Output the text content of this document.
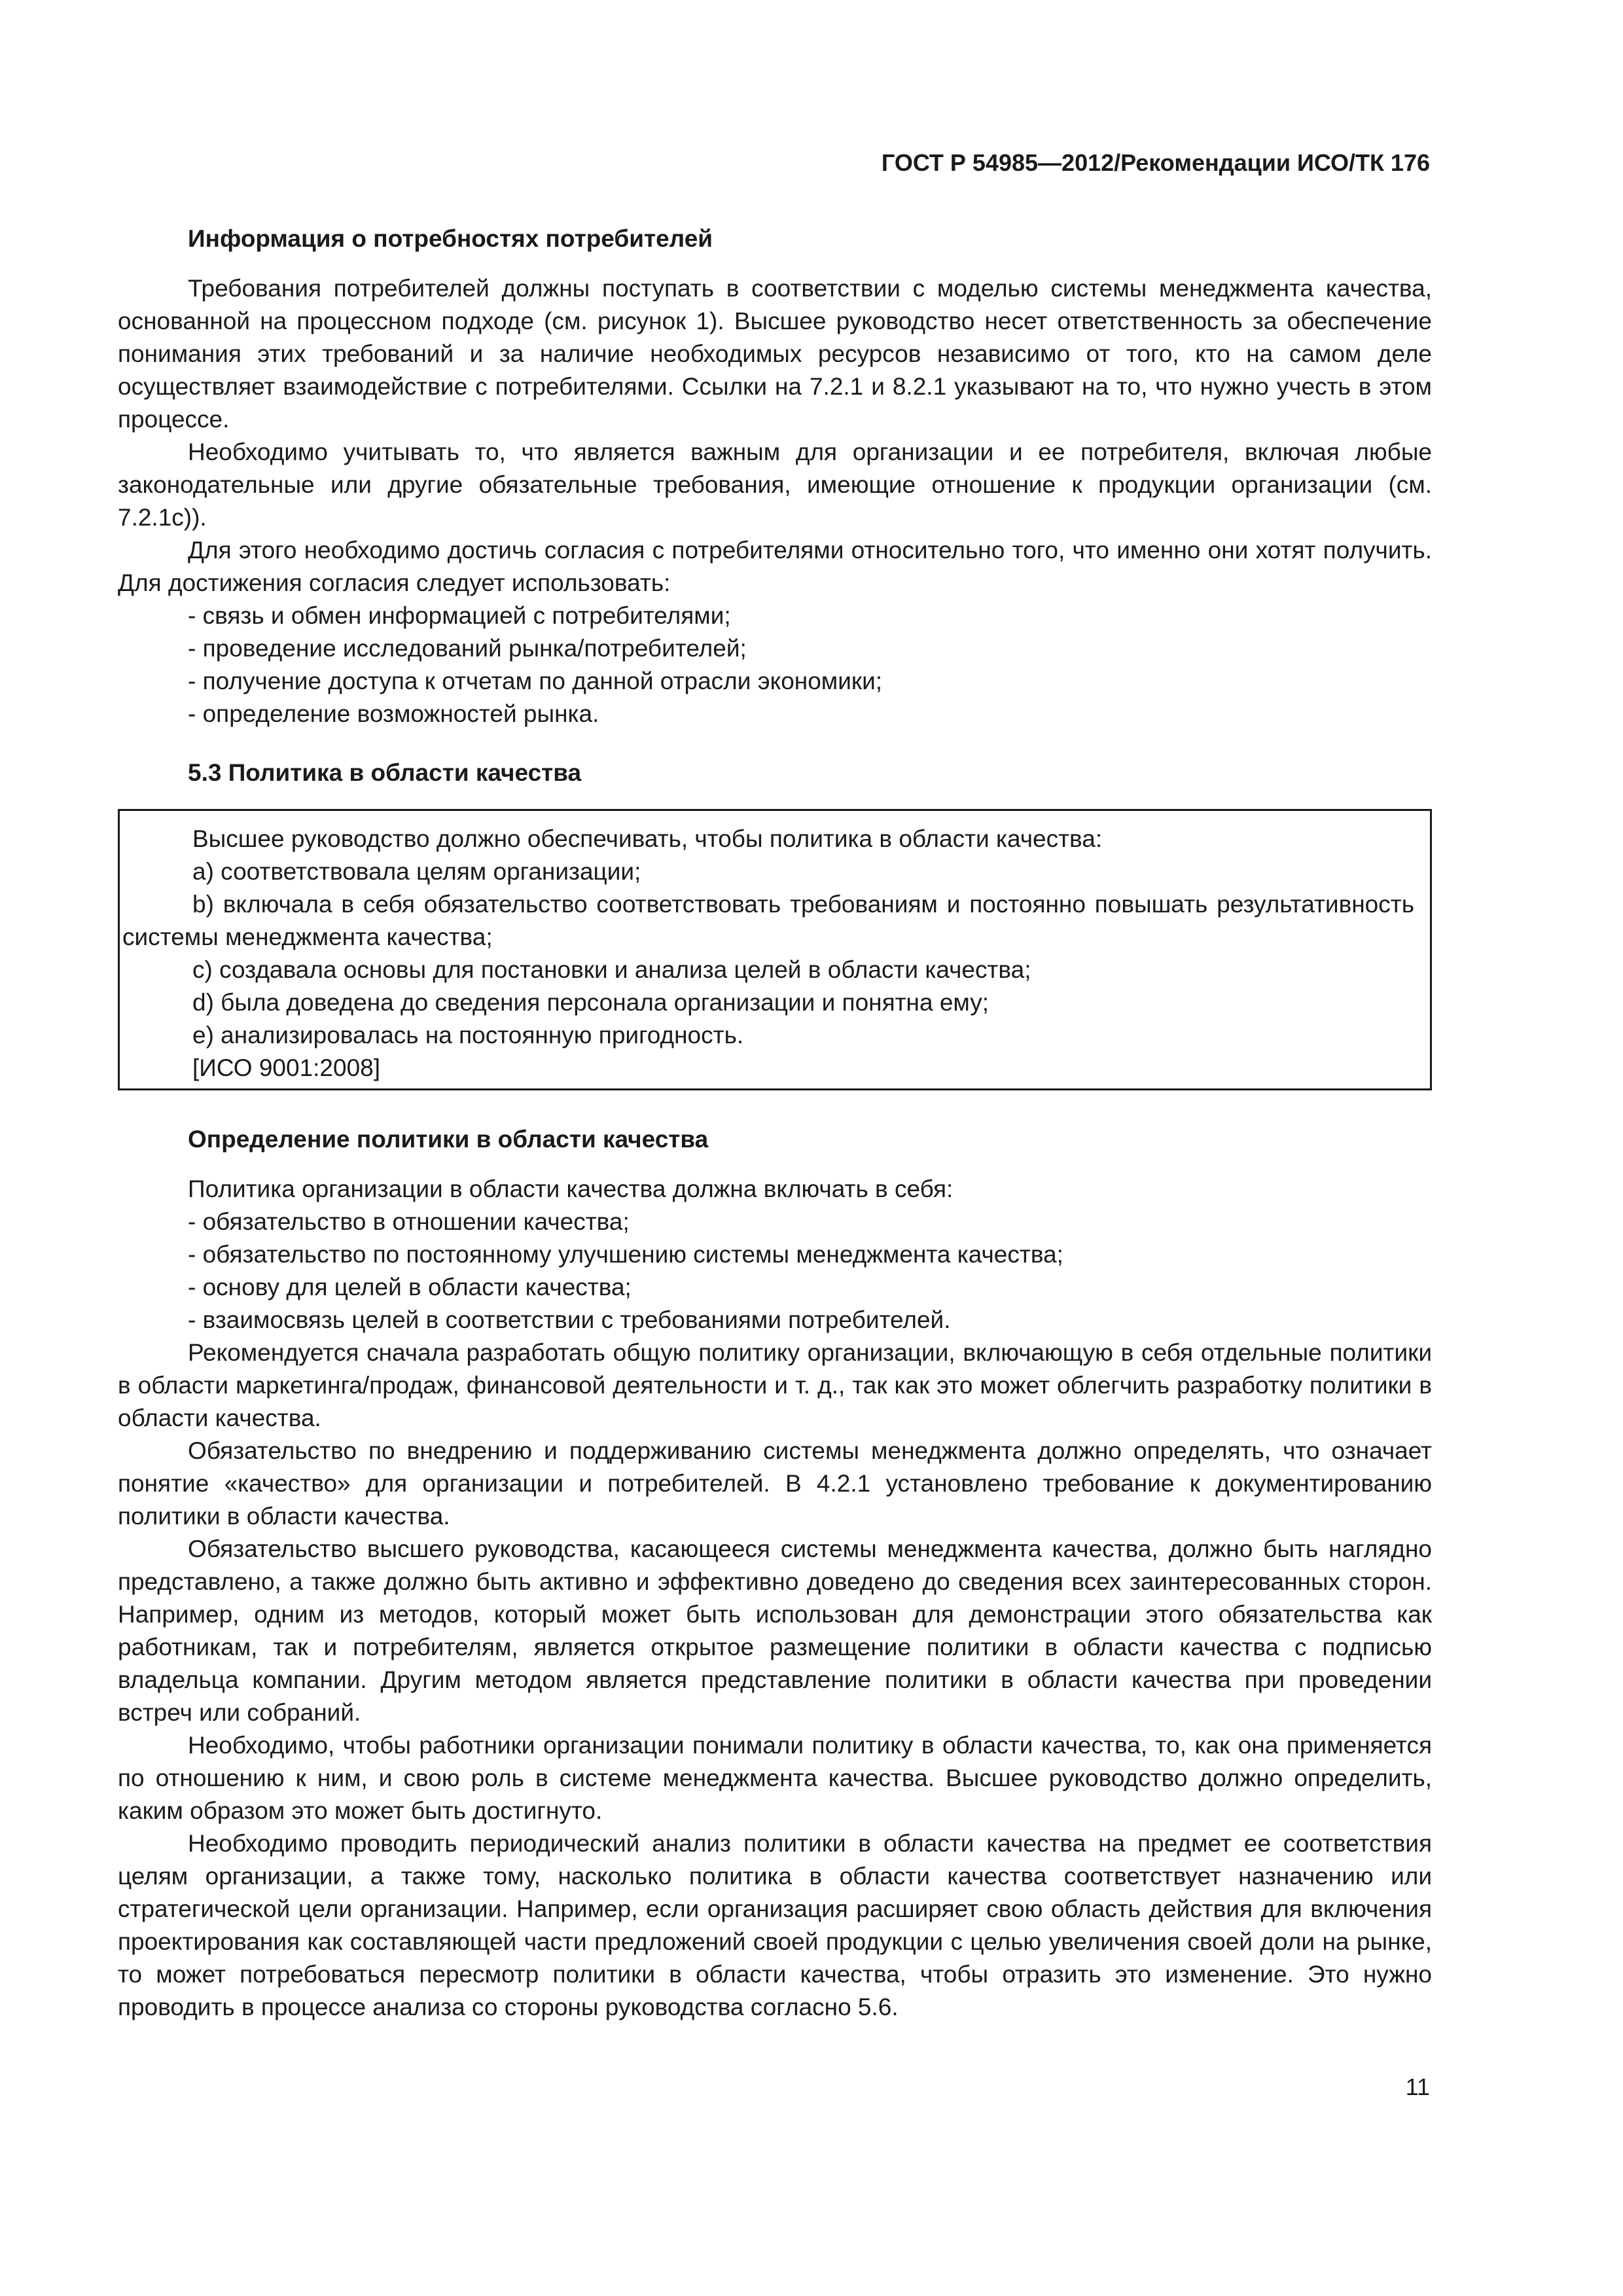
ГОСТ Р 54985—2012/Рекомендации ИСО/ТК 176
Информация о потребностях потребителей

Требования потребителей должны поступать в соответствии с моделью системы менеджмента качества, основанной на процессном подходе (см. рисунок 1). Высшее руководство несет ответственность за обеспечение понимания этих требований и за наличие необходимых ресурсов независимо от того, кто на самом деле осуществляет взаимодействие с потребителями. Ссылки на 7.2.1 и 8.2.1 указывают на то, что нужно учесть в этом процессе.

Необходимо учитывать то, что является важным для организации и ее потребителя, включая любые законодательные или другие обязательные требования, имеющие отношение к продукции организации (см. 7.2.1с)).

Для этого необходимо достичь согласия с потребителями относительно того, что именно они хотят получить. Для достижения согласия следует использовать:

- связь и обмен информацией с потребителями;

- проведение исследований рынка/потребителей;

- получение доступа к отчетам по данной отрасли экономики;

- определение возможностей рынка.

5.3 Политика в области качества

Высшее руководство должно обеспечивать, чтобы политика в области качества:

a) соответствовала целям организации;

b) включала в себя обязательство соответствовать требованиям и постоянно повышать результативность системы менеджмента качества;

c) создавала основы для постановки и анализа целей в области качества;

d) была доведена до сведения персонала организации и понятна ему;

e) анализировалась на постоянную пригодность.

[ИСО 9001:2008]

Определение политики в области качества

Политика организации в области качества должна включать в себя:

- обязательство в отношении качества;

- обязательство по постоянному улучшению системы менеджмента качества;

- основу для целей в области качества;

- взаимосвязь целей в соответствии с требованиями потребителей.

Рекомендуется сначала разработать общую политику организации, включающую в себя отдельные политики в области маркетинга/продаж, финансовой деятельности и т. д., так как это может облегчить разработку политики в области качества.

Обязательство по внедрению и поддерживанию системы менеджмента должно определять, что означает понятие «качество» для организации и потребителей. В 4.2.1 установлено требование к документированию политики в области качества.

Обязательство высшего руководства, касающееся системы менеджмента качества, должно быть наглядно представлено, а также должно быть активно и эффективно доведено до сведения всех заинтересованных сторон. Например, одним из методов, который может быть использован для демонстрации этого обязательства как работникам, так и потребителям, является открытое размещение политики в области качества с подписью владельца компании. Другим методом является представление политики в области качества при проведении встреч или собраний.

Необходимо, чтобы работники организации понимали политику в области качества, то, как она применяется по отношению к ним, и свою роль в системе менеджмента качества. Высшее руководство должно определить, каким образом это может быть достигнуто.

Необходимо проводить периодический анализ политики в области качества на предмет ее соответствия целям организации, а также тому, насколько политика в области качества соответствует назначению или стратегической цели организации. Например, если организация расширяет свою область действия для включения проектирования как составляющей части предложений своей продукции с целью увеличения своей доли на рынке, то может потребоваться пересмотр политики в области качества, чтобы отразить это изменение. Это нужно проводить в процессе анализа со стороны руководства согласно 5.6.

11
